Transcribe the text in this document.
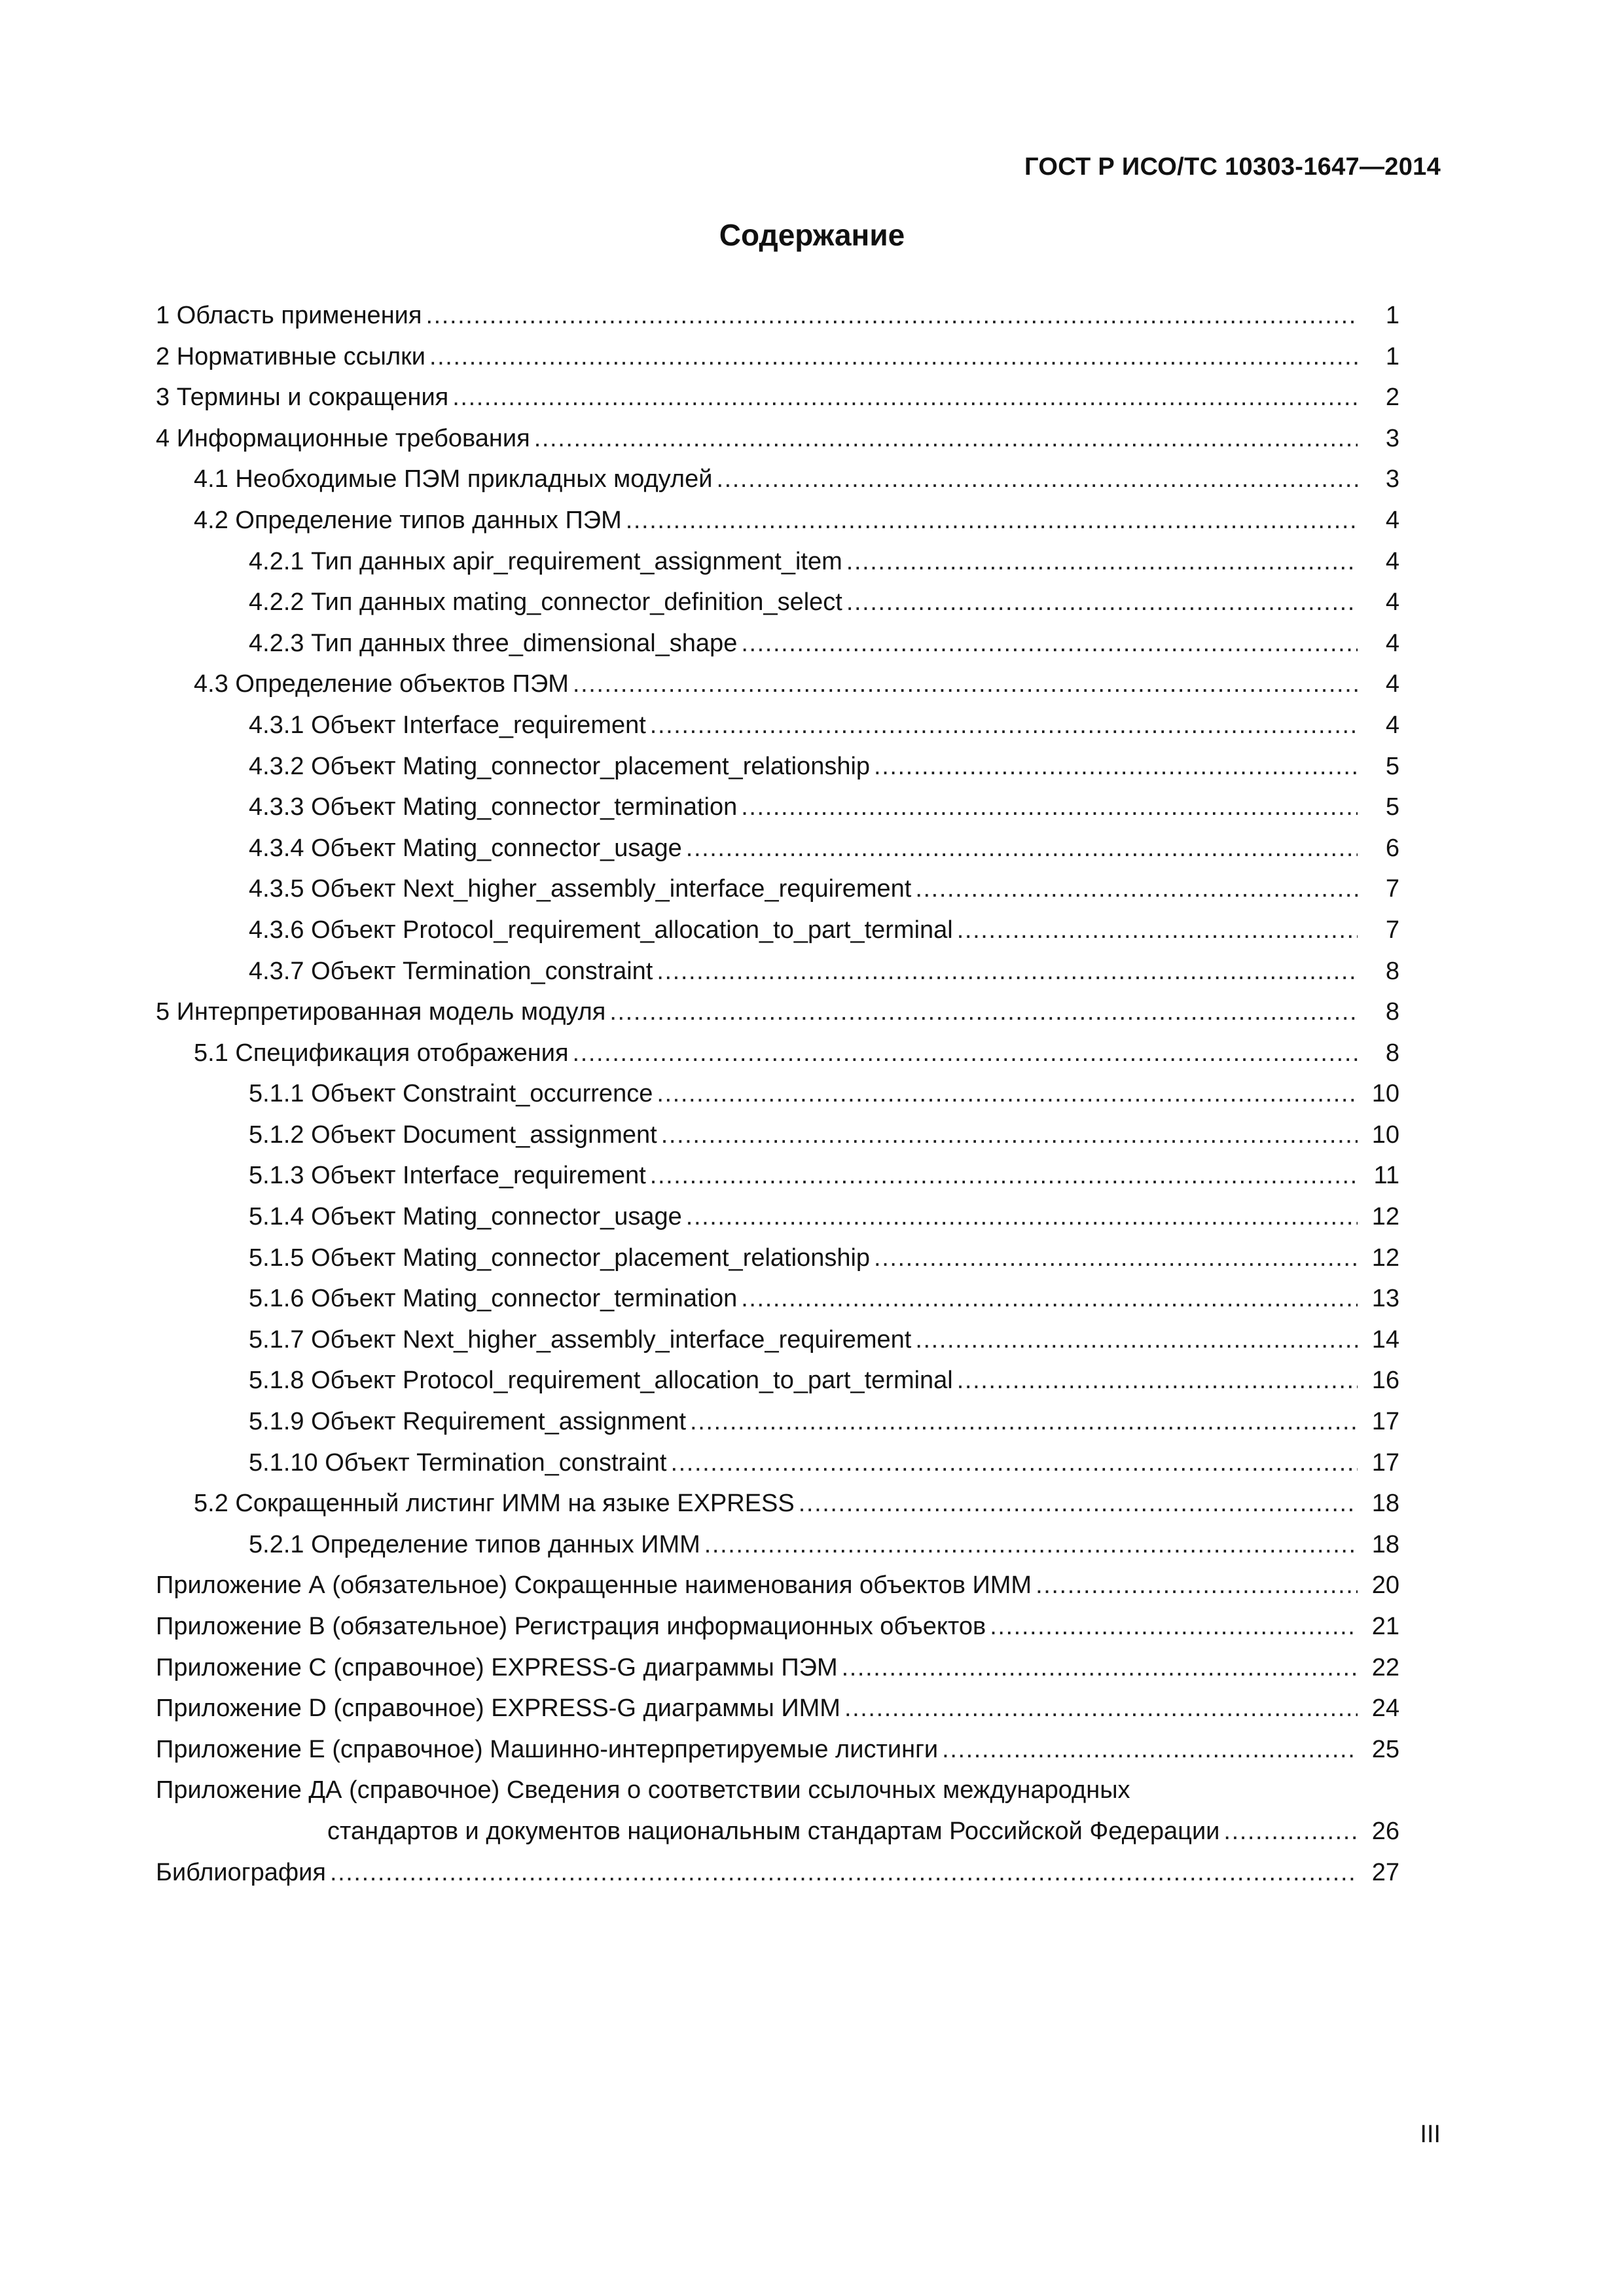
ГОСТ Р ИСО/ТС 10303-1647—2014
Содержание
1 Область применения .....	1
2 Нормативные ссылки .....	1
3 Термины и сокращения .....	2
4 Информационные требования .....	3
4.1 Необходимые ПЭМ прикладных модулей .....	3
4.2 Определение типов данных ПЭМ .....	4
4.2.1 Тип данных apir_requirement_assignment_item .....	4
4.2.2 Тип данных mating_connector_definition_select .....	4
4.2.3 Тип данных three_dimensional_shape .....	4
4.3 Определение объектов ПЭМ .....	4
4.3.1 Объект Interface_requirement .....	4
4.3.2 Объект Mating_connector_placement_relationship .....	5
4.3.3 Объект Mating_connector_termination .....	5
4.3.4 Объект Mating_connector_usage .....	6
4.3.5 Объект Next_higher_assembly_interface_requirement .....	7
4.3.6 Объект Protocol_requirement_allocation_to_part_terminal .....	7
4.3.7 Объект Termination_constraint .....	8
5 Интерпретированная модель модуля .....	8
5.1 Спецификация отображения .....	8
5.1.1 Объект Constraint_occurrence .....	10
5.1.2 Объект Document_assignment .....	10
5.1.3 Объект Interface_requirement .....	11
5.1.4 Объект Mating_connector_usage .....	12
5.1.5 Объект Mating_connector_placement_relationship .....	12
5.1.6 Объект Mating_connector_termination .....	13
5.1.7 Объект Next_higher_assembly_interface_requirement .....	14
5.1.8 Объект Protocol_requirement_allocation_to_part_terminal .....	16
5.1.9 Объект Requirement_assignment .....	17
5.1.10 Объект Termination_constraint .....	17
5.2 Сокращенный листинг ИММ на языке EXPRESS .....	18
5.2.1 Определение типов данных ИММ .....	18
Приложение А (обязательное) Сокращенные наименования объектов ИММ .....	20
Приложение В (обязательное) Регистрация информационных объектов .....	21
Приложение С (справочное) EXPRESS-G диаграммы ПЭМ .....	22
Приложение D (справочное) EXPRESS-G диаграммы ИММ .....	24
Приложение Е (справочное) Машинно-интерпретируемые листинги .....	25
Приложение ДА (справочное) Сведения о соответствии ссылочных международных
стандартов и документов национальным стандартам Российской Федерации .....	26
Библиография .....	27
III
